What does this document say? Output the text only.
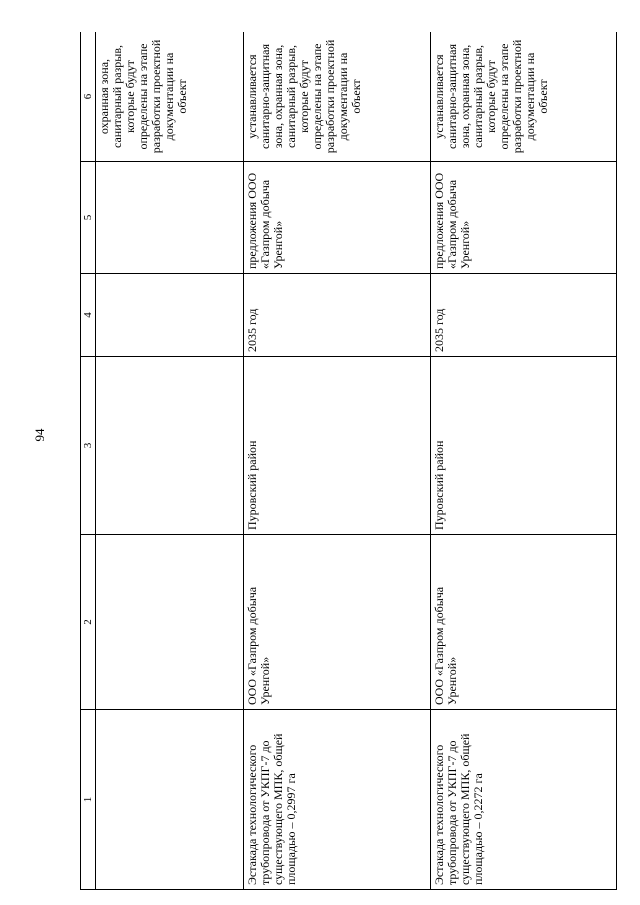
94
1	2	3	4	5	6
					охранная зона, санитарный разрыв, которые будут определены на этапе разработки проектной документации на объект
Эстакада технологического трубопровода от УКПГ-7 до существующего МПК, общей площадью – 0,2997 га	ООО «Газпром добыча Уренгой»	Пуровский район	2035 год	предложения ООО «Газпром добыча Уренгой»	устанавливается санитарно-защитная зона, охранная зона, санитарный разрыв, которые будут определены на этапе разработки проектной документации на объект
Эстакада технологического трубопровода от УКПГ-7 до существующего МПК, общей площадью – 0,2272 га	ООО «Газпром добыча Уренгой»	Пуровский район	2035 год	предложения ООО «Газпром добыча Уренгой»	устанавливается санитарно-защитная зона, охранная зона, санитарный разрыв, которые будут определены на этапе разработки проектной документации на объект
